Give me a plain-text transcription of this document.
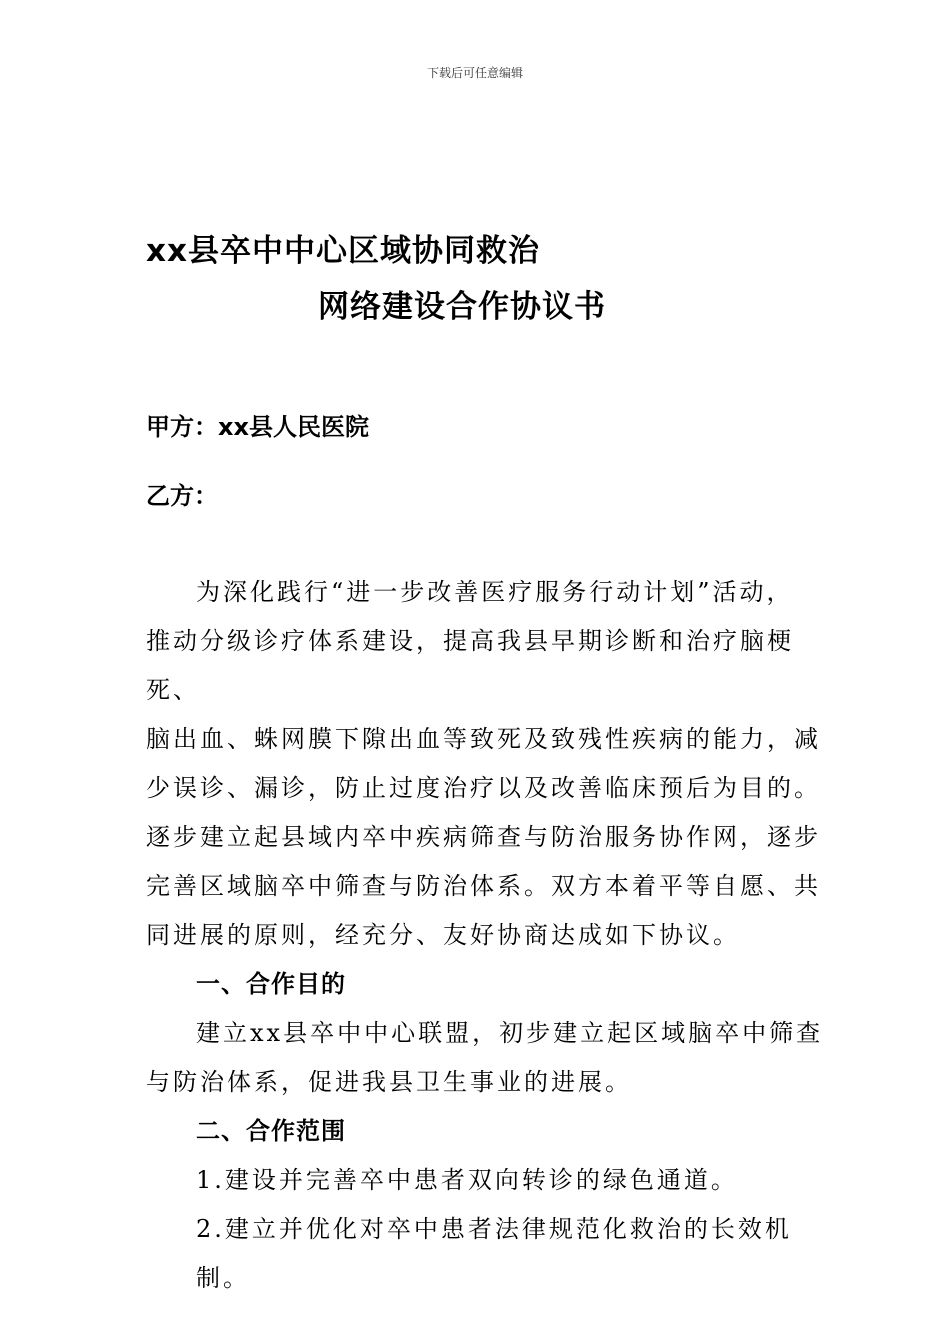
下载后可任意编辑
xx县卒中中心区域协同救治
网络建设合作协议书
甲方：xx县人民医院
乙方：

为深化践行“进一步改善医疗服务行动计划”活动，

推动分级诊疗体系建设，提高我县早期诊断和治疗脑梗死、

脑出血、蛛网膜下隙出血等致死及致残性疾病的能力，减

少误诊、漏诊，防止过度治疗以及改善临床预后为目的。

逐步建立起县域内卒中疾病筛查与防治服务协作网，逐步

完善区域脑卒中筛查与防治体系。双方本着平等自愿、共

同进展的原则，经充分、友好协商达成如下协议。

一、合作目的

建立xx县卒中中心联盟，初步建立起区域脑卒中筛查

与防治体系，促进我县卫生事业的进展。

二、合作范围

1.建设并完善卒中患者双向转诊的绿色通道。

2.建立并优化对卒中患者法律规范化救治的长效机制。
